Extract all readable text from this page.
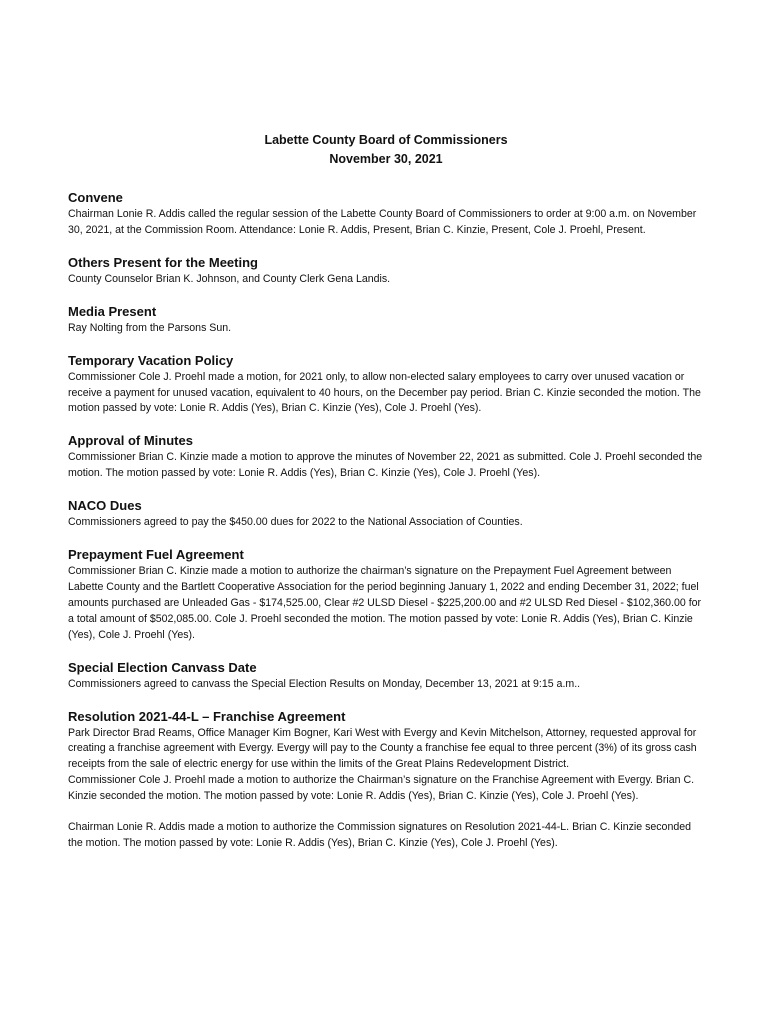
Labette County Board of Commissioners
November 30, 2021
Convene

Chairman Lonie R. Addis called the regular session of the Labette County Board of Commissioners to order at 9:00 a.m. on November 30, 2021, at the Commission Room. Attendance: Lonie R. Addis, Present, Brian C. Kinzie, Present, Cole J. Proehl, Present.

Others Present for the Meeting

County Counselor Brian K. Johnson, and County Clerk Gena Landis.

Media Present

Ray Nolting from the Parsons Sun.

Temporary Vacation Policy

Commissioner Cole J. Proehl made a motion, for 2021 only, to allow non-elected salary employees to carry over unused vacation or receive a payment for unused vacation, equivalent to 40 hours, on the December pay period. Brian C. Kinzie seconded the motion. The motion passed by vote: Lonie R. Addis (Yes), Brian C. Kinzie (Yes), Cole J. Proehl (Yes).

Approval of Minutes

Commissioner Brian C. Kinzie made a motion to approve the minutes of November 22, 2021 as submitted. Cole J. Proehl seconded the motion. The motion passed by vote: Lonie R. Addis (Yes), Brian C. Kinzie (Yes), Cole J. Proehl (Yes).

NACO Dues

Commissioners agreed to pay the $450.00 dues for 2022 to the National Association of Counties.

Prepayment Fuel Agreement

Commissioner Brian C. Kinzie made a motion to authorize the chairman’s signature on the Prepayment Fuel Agreement between Labette County and the Bartlett Cooperative Association for the period beginning January 1, 2022 and ending December 31, 2022; fuel amounts purchased are Unleaded Gas - $174,525.00, Clear #2 ULSD Diesel - $225,200.00 and #2 ULSD Red Diesel - $102,360.00 for a total amount of $502,085.00. Cole J. Proehl seconded the motion. The motion passed by vote: Lonie R. Addis (Yes), Brian C. Kinzie (Yes), Cole J. Proehl (Yes).

Special Election Canvass Date

Commissioners agreed to canvass the Special Election Results on Monday, December 13, 2021 at 9:15 a.m..

Resolution 2021-44-L – Franchise Agreement

Park Director Brad Reams, Office Manager Kim Bogner, Kari West with Evergy and Kevin Mitchelson, Attorney, requested approval for creating a franchise agreement with Evergy. Evergy will pay to the County a franchise fee equal to three percent (3%) of its gross cash receipts from the sale of electric energy for use within the limits of the Great Plains Redevelopment District.

Commissioner Cole J. Proehl made a motion to authorize the Chairman’s signature on the Franchise Agreement with Evergy. Brian C. Kinzie seconded the motion. The motion passed by vote: Lonie R. Addis (Yes), Brian C. Kinzie (Yes), Cole J. Proehl (Yes).

Chairman Lonie R. Addis made a motion to authorize the Commission signatures on Resolution 2021-44-L. Brian C. Kinzie seconded the motion. The motion passed by vote: Lonie R. Addis (Yes), Brian C. Kinzie (Yes), Cole J. Proehl (Yes).
